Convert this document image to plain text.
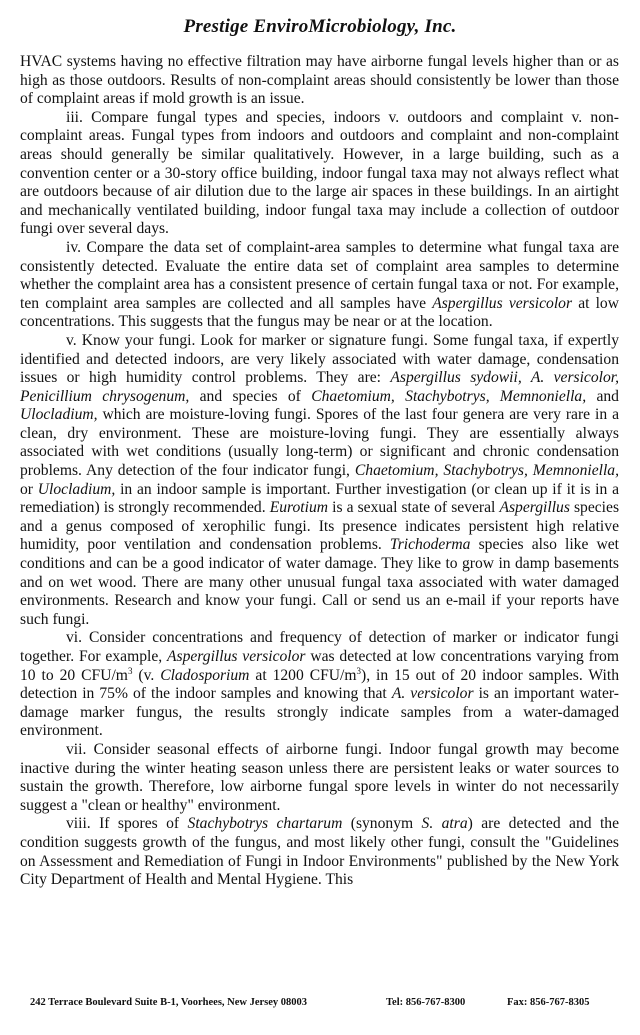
Prestige EnviroMicrobiology, Inc.

HVAC systems having no effective filtration may have airborne fungal levels higher than or as high as those outdoors. Results of non-complaint areas should consistently be lower than those of complaint areas if mold growth is an issue.

iii. Compare fungal types and species, indoors v. outdoors and complaint v. non-complaint areas. Fungal types from indoors and outdoors and complaint and non-complaint areas should generally be similar qualitatively. However, in a large building, such as a convention center or a 30-story office building, indoor fungal taxa may not always reflect what are outdoors because of air dilution due to the large air spaces in these buildings. In an airtight and mechanically ventilated building, indoor fungal taxa may include a collection of outdoor fungi over several days.

iv. Compare the data set of complaint-area samples to determine what fungal taxa are consistently detected. Evaluate the entire data set of complaint area samples to determine whether the complaint area has a consistent presence of certain fungal taxa or not. For example, ten complaint area samples are collected and all samples have Aspergillus versicolor at low concentrations. This suggests that the fungus may be near or at the location.

v. Know your fungi. Look for marker or signature fungi. Some fungal taxa, if expertly identified and detected indoors, are very likely associated with water damage, condensation issues or high humidity control problems. They are: Aspergillus sydowii, A. versicolor, Penicillium chrysogenum, and species of Chaetomium, Stachybotrys, Memnoniella, and Ulocladium, which are moisture-loving fungi. Spores of the last four genera are very rare in a clean, dry environment. These are moisture-loving fungi. They are essentially always associated with wet conditions (usually long-term) or significant and chronic condensation problems. Any detection of the four indicator fungi, Chaetomium, Stachybotrys, Memnoniella, or Ulocladium, in an indoor sample is important. Further investigation (or clean up if it is in a remediation) is strongly recommended. Eurotium is a sexual state of several Aspergillus species and a genus composed of xerophilic fungi. Its presence indicates persistent high relative humidity, poor ventilation and condensation problems. Trichoderma species also like wet conditions and can be a good indicator of water damage. They like to grow in damp basements and on wet wood. There are many other unusual fungal taxa associated with water damaged environments. Research and know your fungi. Call or send us an e-mail if your reports have such fungi.

vi. Consider concentrations and frequency of detection of marker or indicator fungi together. For example, Aspergillus versicolor was detected at low concentrations varying from 10 to 20 CFU/$m^3$ (v. Cladosporium at 1200 CFU/$m^3$), in 15 out of 20 indoor samples. With detection in 75% of the indoor samples and knowing that A. versicolor is an important water-damage marker fungus, the results strongly indicate samples from a water-damaged environment.

vii. Consider seasonal effects of airborne fungi. Indoor fungal growth may become inactive during the winter heating season unless there are persistent leaks or water sources to sustain the growth. Therefore, low airborne fungal spore levels in winter do not necessarily suggest a "clean or healthy" environment.

viii. If spores of Stachybotrys chartarum (synonym S. atra) are detected and the condition suggests growth of the fungus, and most likely other fungi, consult the "Guidelines on Assessment and Remediation of Fungi in Indoor Environments" published by the New York City Department of Health and Mental Hygiene. This

242 Terrace Boulevard Suite B-1, Voorhees, New Jersey 08003	Tel: 856-767-8300	Fax: 856-767-8305
